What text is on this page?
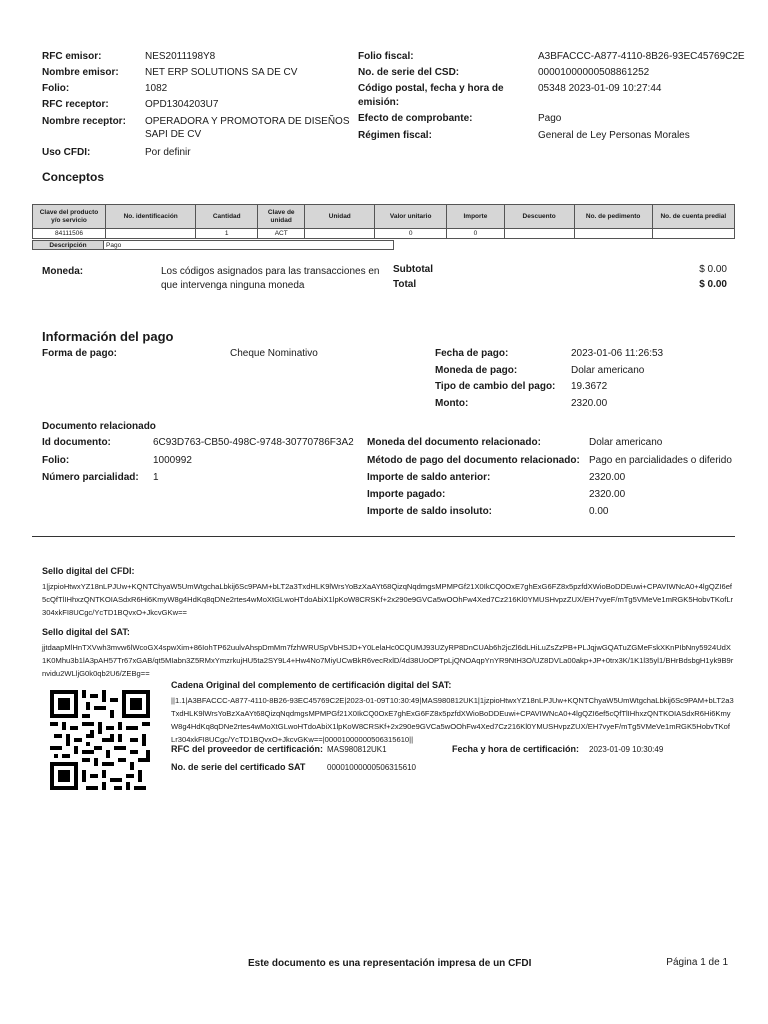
RFC emisor:	NES2011198Y8
Nombre emisor:	NET ERP SOLUTIONS SA DE CV
Folio:	1082
RFC receptor:	OPD1304203U7
Nombre receptor: OPERADORA Y PROMOTORA DE DISEÑOS
SAPI DE CV
Uso CFDI:	Por definir
Folio fiscal:	A3BFACCC-A877-4110-8B26-93EC45769C2E
No. de serie del CSD:	00001000000508861252
Código postal, fecha y hora de
emisión:
05348 2023-01-09 10:27:44
Efecto de comprobante:	Pago
Régimen fiscal:	General de Ley Personas Morales
Conceptos
Clave del producto y/o servicio	No. identificación	Cantidad	Clave de unidad	Unidad	Valor unitario	Importe	Descuento	No. de pedimento	No. de cuenta predial
84111506		1	ACT		0	0			
Descripción	Pago
Moneda:	Los códigos asignados para las transacciones en
que intervenga ninguna moneda
Subtotal	$ 0.00
Total	$ 0.00
Información del pago
Forma de pago:	Cheque Nominativo	Fecha de pago:	2023-01-06 11:26:53
Moneda de pago:	Dolar americano
Tipo de cambio del pago: 19.3672
Monto:	2320.00
Documento relacionado
Id documento:	6C93D763-CB50-498C-9748-30770786F3A2
Folio:	1000992
Número parcialidad: 1
Moneda del documento relacionado:	Dolar americano
Método de pago del documento relacionado: Pago en parcialidades o diferido
Importe de saldo anterior:	2320.00
Importe pagado:	2320.00
Importe de saldo insoluto:	0.00
Sello digital del CFDI:
1|jzpioHtwxYZ18nLPJUw+KQNTChyaW5UmWtgchaLbkij6Sc9PAM+bLT2a3TxdHLK9lWrsYoBzXaAYt68QizqNqdmgsMPMPGf21X0IkCQ0OxE7ghExG6FZ8x5pzfdXWioBoDDEuwi+CPAVIWNcA0+4lgQZI6ef5cQfTlIHhxzQNTKOIASdxR6Hi6KmyW8g4HdKq8qDNe2rtes4wMoXtGLwoHTdoAbiX1lpKoW8CRSKf+2x290e9GVCa5wOOhFw4Xed7Cz216Kl0YMUSHvpzZUX/EH7vyeF/mTg5VMeVe1mRGK5HobvTKofLr304xkFI8UCgc/YcTD1BQvxO+JkcvGKw==
Sello digital del SAT:
jjtdaapMlHnTXVwh3mvw6lWcoGX4spwXim+86IohTP62uulvAhspDmMm7fzhWRUSpVbHSJD+Y0LelaHc0CQUMJ93UZyRP8DnCUAb6h2jcZl6dLHiLuZsZzPB+PLJqjwGQATuZGMeFskXKnPIbNny5924UdX1K0Mhu3b1lA3pAH57Tr67xGAB/qt5MIabn3Z5RMxYmzrkujHU5ta2SY9L4+Hw4No7MiyUCwBkR6vecRxlD/4d38UoOPTpLjQNOAqpYnYR9NtH3O/UZ8DVLa00akp+JP+0trx3K/1K1l35yl1/BHrBdsbgH1yk9B9rnvidu2WLljG0k0qb2U6/ZEBg==
Cadena Original del complemento de certificación digital del SAT:
||1.1|A3BFACCC-A877-4110-8B26-93EC45769C2E|2023-01-09T10:30:49|MAS980812UK1|1jzpioHtwxYZ18nLPJUw+KQNTChyaW5UmWtgchaLbkij6Sc9PAM+bLT2a3TxdHLK9lWrsYoBzXaAYt68QizqNqdmgsMPMPGf21X0IkCQ0OxE7ghExG6FZ8x5pzfdXWioBoDDEuwi+CPAVIWNcA0+4lgQZI6ef5cQfTlIHhxzQNTKOIASdxR6Hi6KmyW8g4HdKq8qDNe2rtes4wMoXtGLwoHTdoAbiX1lpKoW8CRSKf+2x290e9GVCa5wOOhFw4Xed7Cz216Kl0YMUSHvpzZUX/EH7vyeF/mTg5VMeVe1mRGK5HobvTKofLr304xkFI8UCgc/YcTD1BQvxO+JkcvGKw==|00001000000506315610||
RFC del proveedor de certificación: MAS980812UK1	Fecha y hora de certificación: 2023-01-09 10:30:49
No. de serie del certificado SAT	00001000000506315610
Este documento es una representación impresa de un CFDI	Página 1 de 1
